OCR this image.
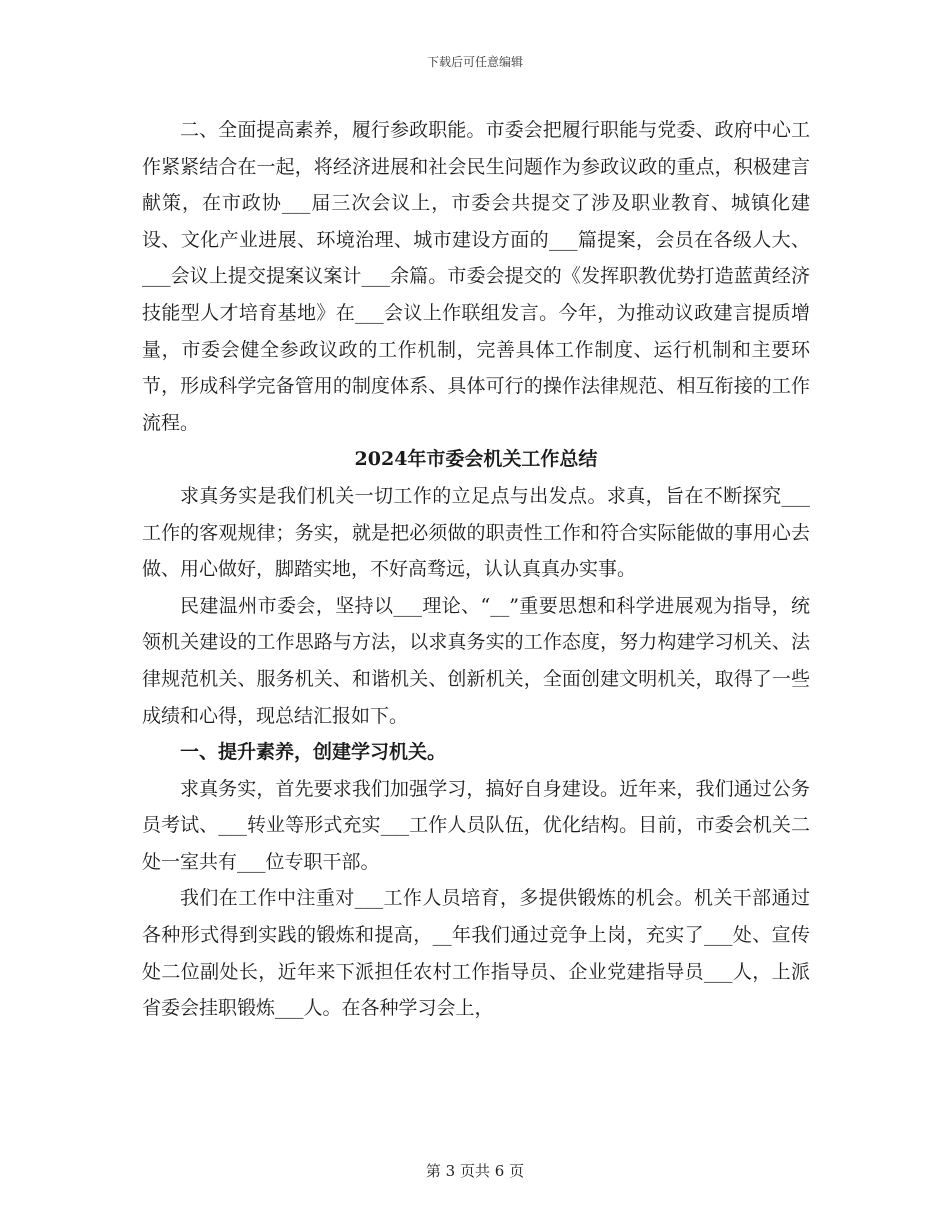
下载后可任意编辑

二、全面提高素养，履行参政职能。市委会把履行职能与党委、政府中心工作紧紧结合在一起，将经济进展和社会民生问题作为参政议政的重点，积极建言献策，在市政协___届三次会议上，市委会共提交了涉及职业教育、城镇化建设、文化产业进展、环境治理、城市建设方面的___篇提案，会员在各级人大、___会议上提交提案议案计___余篇。市委会提交的《发挥职教优势打造蓝黄经济技能型人才培育基地》在___会议上作联组发言。今年，为推动议政建言提质增量，市委会健全参政议政的工作机制，完善具体工作制度、运行机制和主要环节，形成科学完备管用的制度体系、具体可行的操作法律规范、相互衔接的工作流程。

2024年市委会机关工作总结

求真务实是我们机关一切工作的立足点与出发点。求真，旨在不断探究___工作的客观规律；务实，就是把必须做的职责性工作和符合实际能做的事用心去做、用心做好，脚踏实地，不好高骛远，认认真真办实事。

民建温州市委会，坚持以___理论、“__”重要思想和科学进展观为指导，统领机关建设的工作思路与方法，以求真务实的工作态度，努力构建学习机关、法律规范机关、服务机关、和谐机关、创新机关，全面创建文明机关，取得了一些成绩和心得，现总结汇报如下。

一、提升素养，创建学习机关。

求真务实，首先要求我们加强学习，搞好自身建设。近年来，我们通过公务员考试、___转业等形式充实___工作人员队伍，优化结构。目前，市委会机关二处一室共有___位专职干部。

我们在工作中注重对___工作人员培育，多提供锻炼的机会。机关干部通过各种形式得到实践的锻炼和提高，__年我们通过竞争上岗，充实了___处、宣传处二位副处长，近年来下派担任农村工作指导员、企业党建指导员___人，上派省委会挂职锻炼___人。在各种学习会上，

第 3 页共 6 页
